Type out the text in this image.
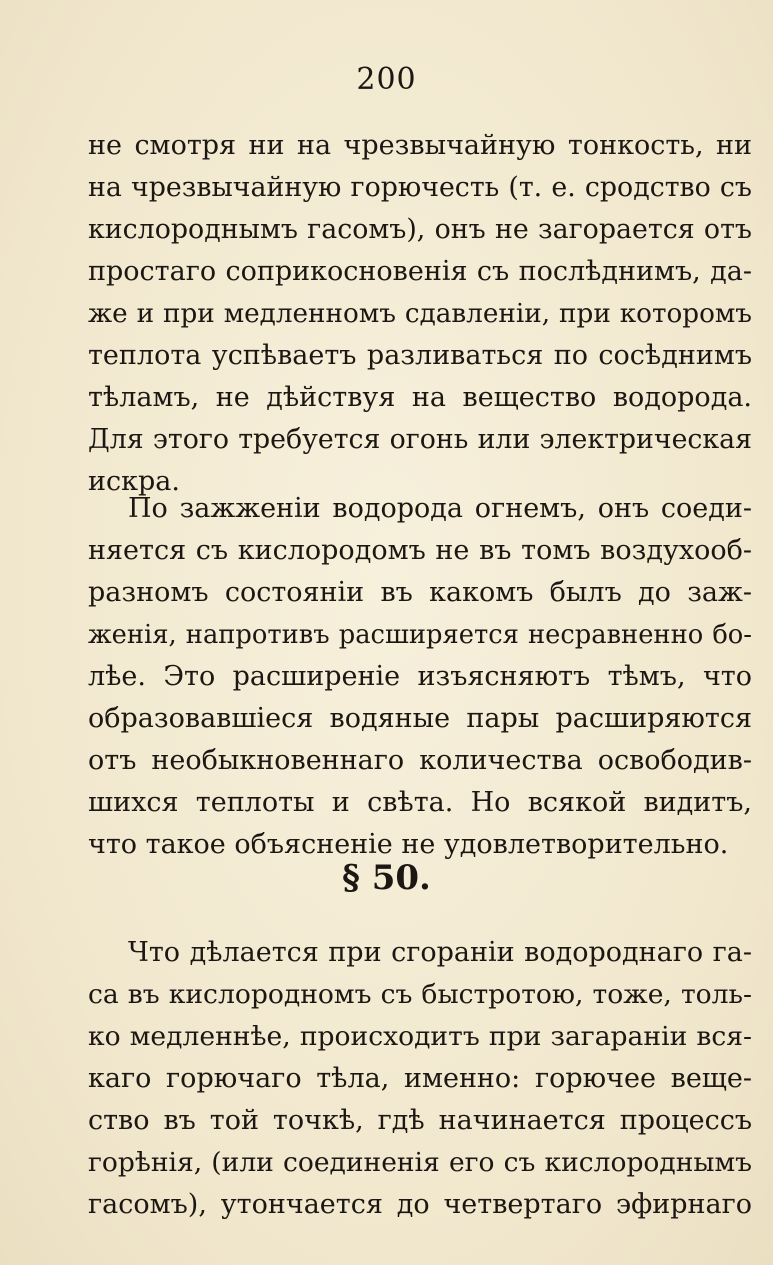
200
не смотря ни на чрезвычайную тонкость, ни
на чрезвычайную горючесть (т. е. сродство съ
кислороднымъ гасомъ), онъ не загорается отъ
простаго соприкосновенія съ послѣднимъ, да-
же и при медленномъ сдавленіи, при которомъ
теплота успѣваетъ разливаться по сосѣднимъ
тѣламъ, не дѣйствуя на вещество водорода.
Для этого требуется огонь или электрическая
искра.
По зажженіи водорода огнемъ, онъ соеди-
няется съ кислородомъ не въ томъ воздухооб-
разномъ состояніи въ какомъ былъ до заж-
женія, напротивъ расширяется несравненно бо-
лѣе. Это расширеніе изъясняютъ тѣмъ, что
образовавшіеся водяные пары расширяются
отъ необыкновеннаго количества освободив-
шихся теплоты и свѣта. Но всякой видитъ,
что такое объясненіе не удовлетворительно.
§ 50.
Что дѣлается при сгораніи водороднаго га-
са въ кислородномъ съ быстротою, тоже, толь-
ко медленнѣе, происходитъ при загараніи вся-
каго горючаго тѣла, именно: горючее веще-
ство въ той точкѣ, гдѣ начинается процессъ
горѣнія, (или соединенія его съ кислороднымъ
гасомъ), утончается до четвертаго эфирнаго
